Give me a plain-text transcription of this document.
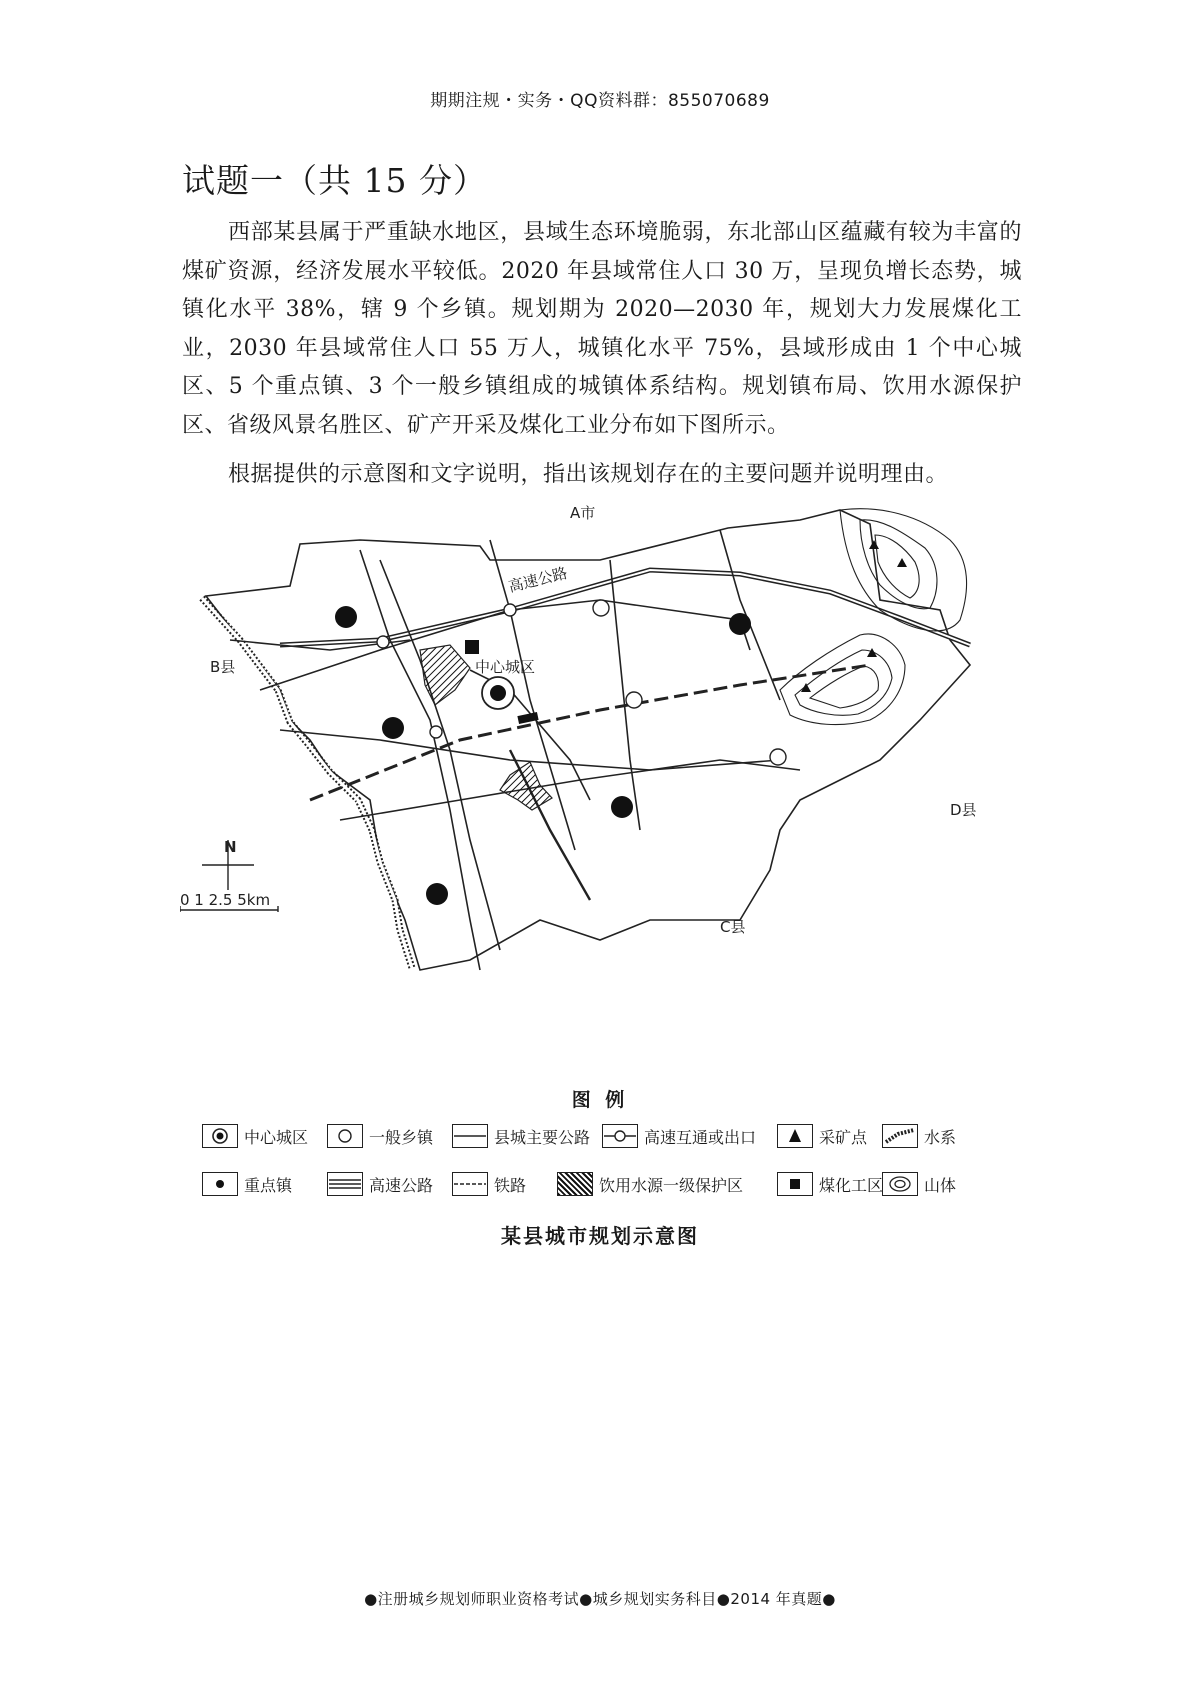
期期注规・实务・QQ资料群：855070689
试题一（共 15 分）

西部某县属于严重缺水地区，县域生态环境脆弱，东北部山区蕴藏有较为丰富的煤矿资源，经济发展水平较低。2020 年县域常住人口 30 万，呈现负增长态势，城镇化水平 38%，辖 9 个乡镇。规划期为 2020—2030 年，规划大力发展煤化工业，2030 年县域常住人口 55 万人，城镇化水平 75%，县域形成由 1 个中心城区、5 个重点镇、3 个一般乡镇组成的城镇体系结构。规划镇布局、饮用水源保护区、省级风景名胜区、矿产开采及煤化工业分布如下图所示。

根据提供的示意图和文字说明，指出该规划存在的主要问题并说明理由。

A市
B县
C县
D县
高速公路
中心城区
N
0 1 2.5 5km
图 例
中心城区	一般乡镇	县城主要公路	高速互通或出口	采矿点	水系
重点镇	高速公路	铁路	饮用水源一级保护区	煤化工区	山体
某县城市规划示意图
●注册城乡规划师职业资格考试●城乡规划实务科目●2014 年真题●
